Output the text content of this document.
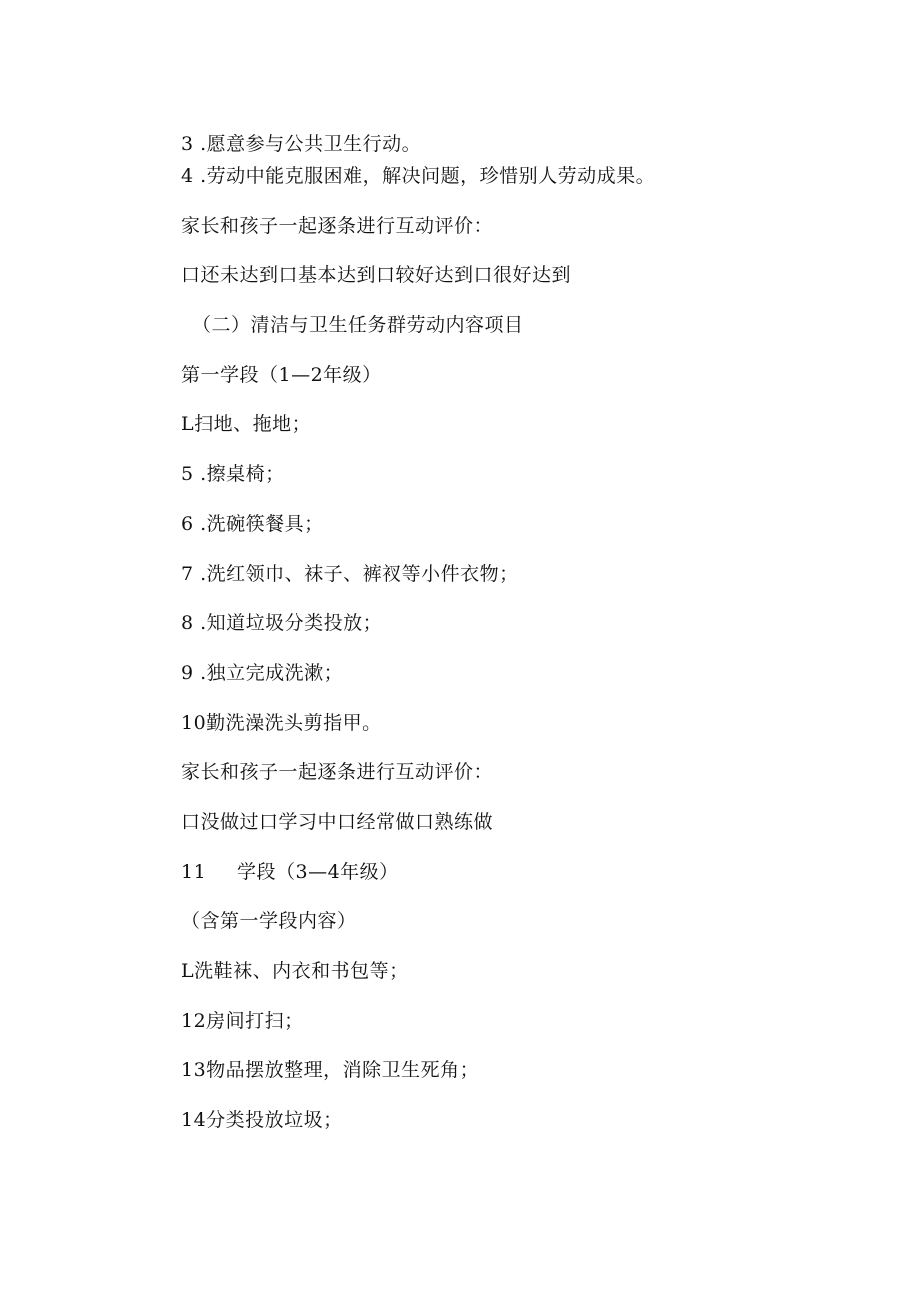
3 .愿意参与公共卫生行动。
4 .劳动中能克服困难，解决问题，珍惜别人劳动成果。
家长和孩子一起逐条进行互动评价：
口还未达到口基本达到口较好达到口很好达到
（二）清洁与卫生任务群劳动内容项目
第一学段（1—2年级）
L扫地、拖地；
5 .擦桌椅；
6 .洗碗筷餐具；
7 .洗红领巾、袜子、裤衩等小件衣物；
8 .知道垃圾分类投放；
9 .独立完成洗漱；
10勤洗澡洗头剪指甲。
家长和孩子一起逐条进行互动评价：
口没做过口学习中口经常做口熟练做
11 学段（3—4年级）
（含第一学段内容）
L洗鞋袜、内衣和书包等；
12房间打扫；
13物品摆放整理，消除卫生死角；
14分类投放垃圾；
